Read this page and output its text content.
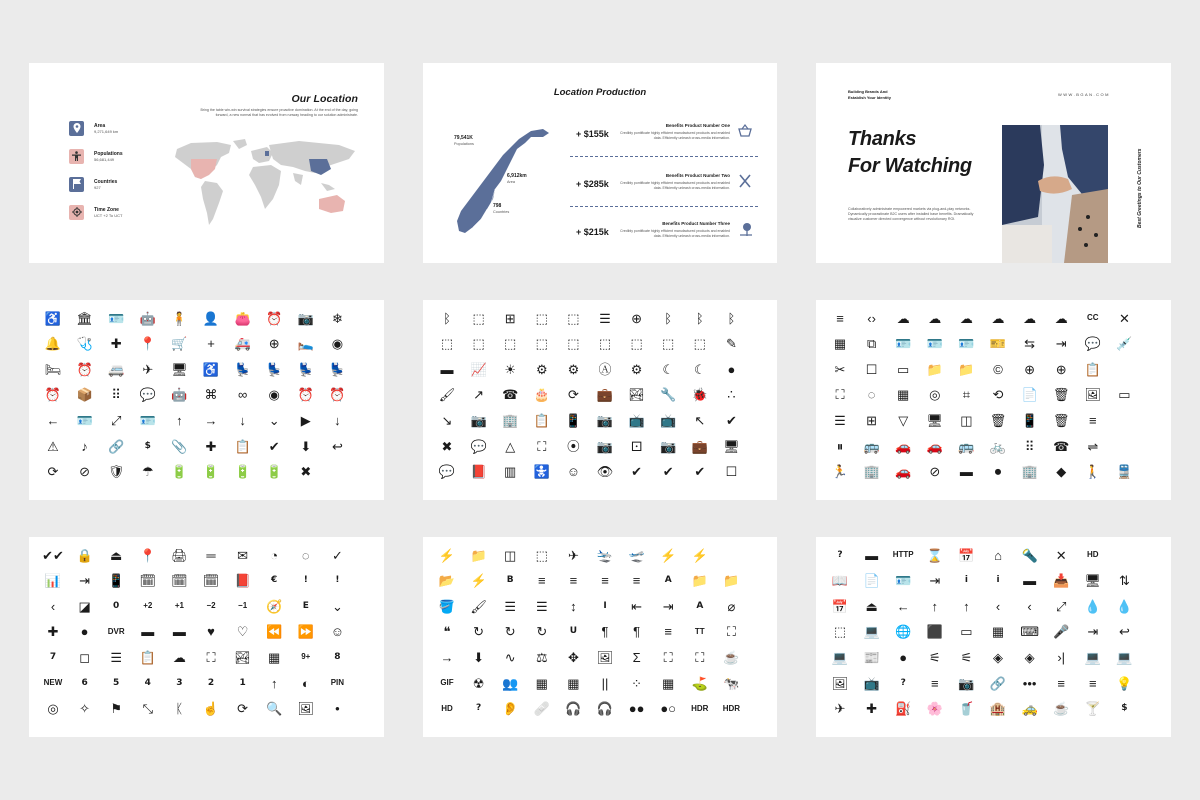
Our Location
Bring the table win-win survival strategies ensure proactive domination. At the end of the day, going forward, a new normal that has evolved from runway heading to our solution administrate.
Area
9,271,649 km
Populations
56,681,449
Countries
927
Time Zone
UCT +2 To UCT
Location Production
79,541K
Populations
6,912km
Area
798
Countries
+ $155k
Benefits Product Number One
Credibly pontificate highly efficient manufactured products and enabled data. Efficiently unleash cross-media information.
+ $285k
Benefits Product Number Two
Credibly pontificate highly efficient manufactured products and enabled data. Efficiently unleash cross-media information.
+ $215k
Benefits Product Number Three
Credibly pontificate highly efficient manufactured products and enabled data. Efficiently unleash cross-media information.
Building Brands And
Establish Your Identity
WWW.BGAN.COM
Thanks
For Watching
Collaboratively administrate empowered markets via plug-and-play networks. Dynamically procrastinate B2C users after installed base benefits. Dramatically visualize customer directed convergence without revolutionary ROI.	Best Greetings to Our Customers
♿	🏛	🪪	🤖	🧍	👤	👛	⏰	📷	❄
🔔	🩺	✚	📍	🛒	+	🚑	⊕	🛌	◉
🛏	⏰	🚐	✈	🖥	♿	💺	💺	💺	💺
⏰	📦	⠿	💬	🤖	⌘	∞	◉	⏰	⏰
←	🪪	⤢	🪪	↑	→	↓	⌄	▶	↓
⚠	♪	🔗	$	📎	✚	📋	✔	⬇	↩
⟳	⊘	🛡	☂	🔋	🔋	🔋	🔋	✖
ᛒ	⬚	⊞	⬚	⬚	☰	⊕	ᛒ	ᛒ	ᛒ
⬚	⬚	⬚	⬚	⬚	⬚	⬚	⬚	⬚	✎
▬	📈	☀	⚙	⚙	Ⓐ	⚙	☾	☾	●
🖌	↗	☎	🎂	⟳	💼	🏞	🔧	🐞	∴
↘	📷	🏢	📋	📱	📷	📺	📺	↖	✔
✖	💬	△	⛶	⦿	📷	⚀	📷	💼	🖥
💬	📕	▥	🚼	☺	👁	✔	✔	✔	☐
≡	‹›	☁	☁	☁	☁	☁	☁	CC	✕
▦	⧉	🪪	🪪	🪪	🎫	⇆	⇥	💬	💉
✂	☐	▭	📁	📁	©	⊕	⊕	📋
⛶	◌	▦	◎	⌗	⟲	📄	🗑	🖼	▭
☰	⊞	▽	🖥	◫	🗑	📱	🗑	≡
⏸	🚌	🚗	🚗	🚌	🚲	⠿	☎	⇌
🏃	🏢	🚗	⊘	▬	⏺	🏢	◆	🚶	🚆
✔✔ 🔒	⏏	📍	🖨	═	✉	◔	◌	✓
📊	⇥	📱	🗓	🗓	🗓	📕	€	!	!
‹	◪	0	+2	+1	−2	−1	🧭	E	⌄
✚	●	DVR	▬	▬	♥	♡	⏪	⏩	☺
7	◻	☰	📋	☁	⛶	🏞	▦	9+	8
NEW	6	5	4	3	2	1	↑	◐	PIN
◎	✧	⚑	⤡	ᛕ	☝	⟳	🔍	🖼	•
⚡	📁	◫	⬚	✈	🛬	🛫	⚡	⚡
📂	⚡	B	≡	≡	≡	≡	A	📁	📁
🪣	🖌	☰	☰	↕	I	⇤	⇥	A	⌀
❝	↻	↻	↻	U	¶	¶	≡	TT	⛶
→	⬇	∿	⚖	✥	🖼	Σ	⛶	⛶	☕
GIF	☢	👥	▦	▦	||	⁘	▦	⛳	🐄
HD	?	👂	🩹	🎧	🎧	●●	●○	HDR	HDR
?	▬	HTTP	⌛	📅	⌂	🔦	✕	HD
📖	📄	🪪	⇥	i	i	▬	📥	🖥	⇅
📅	⏏	←	↑	↑	‹	‹	⤢	💧	💧
⬚	💻	🌐	⬛	▭	▦	⌨	🎤	⇥	↩
💻	📰	●	⚟	⚟	◈	◈	›|	💻	💻
🖼	📺	?	≡	📷	🔗	•••	≡	≡	💡
✈	✚	⛽	🌸	🥤	🏨	🚕	☕	🍸	$
